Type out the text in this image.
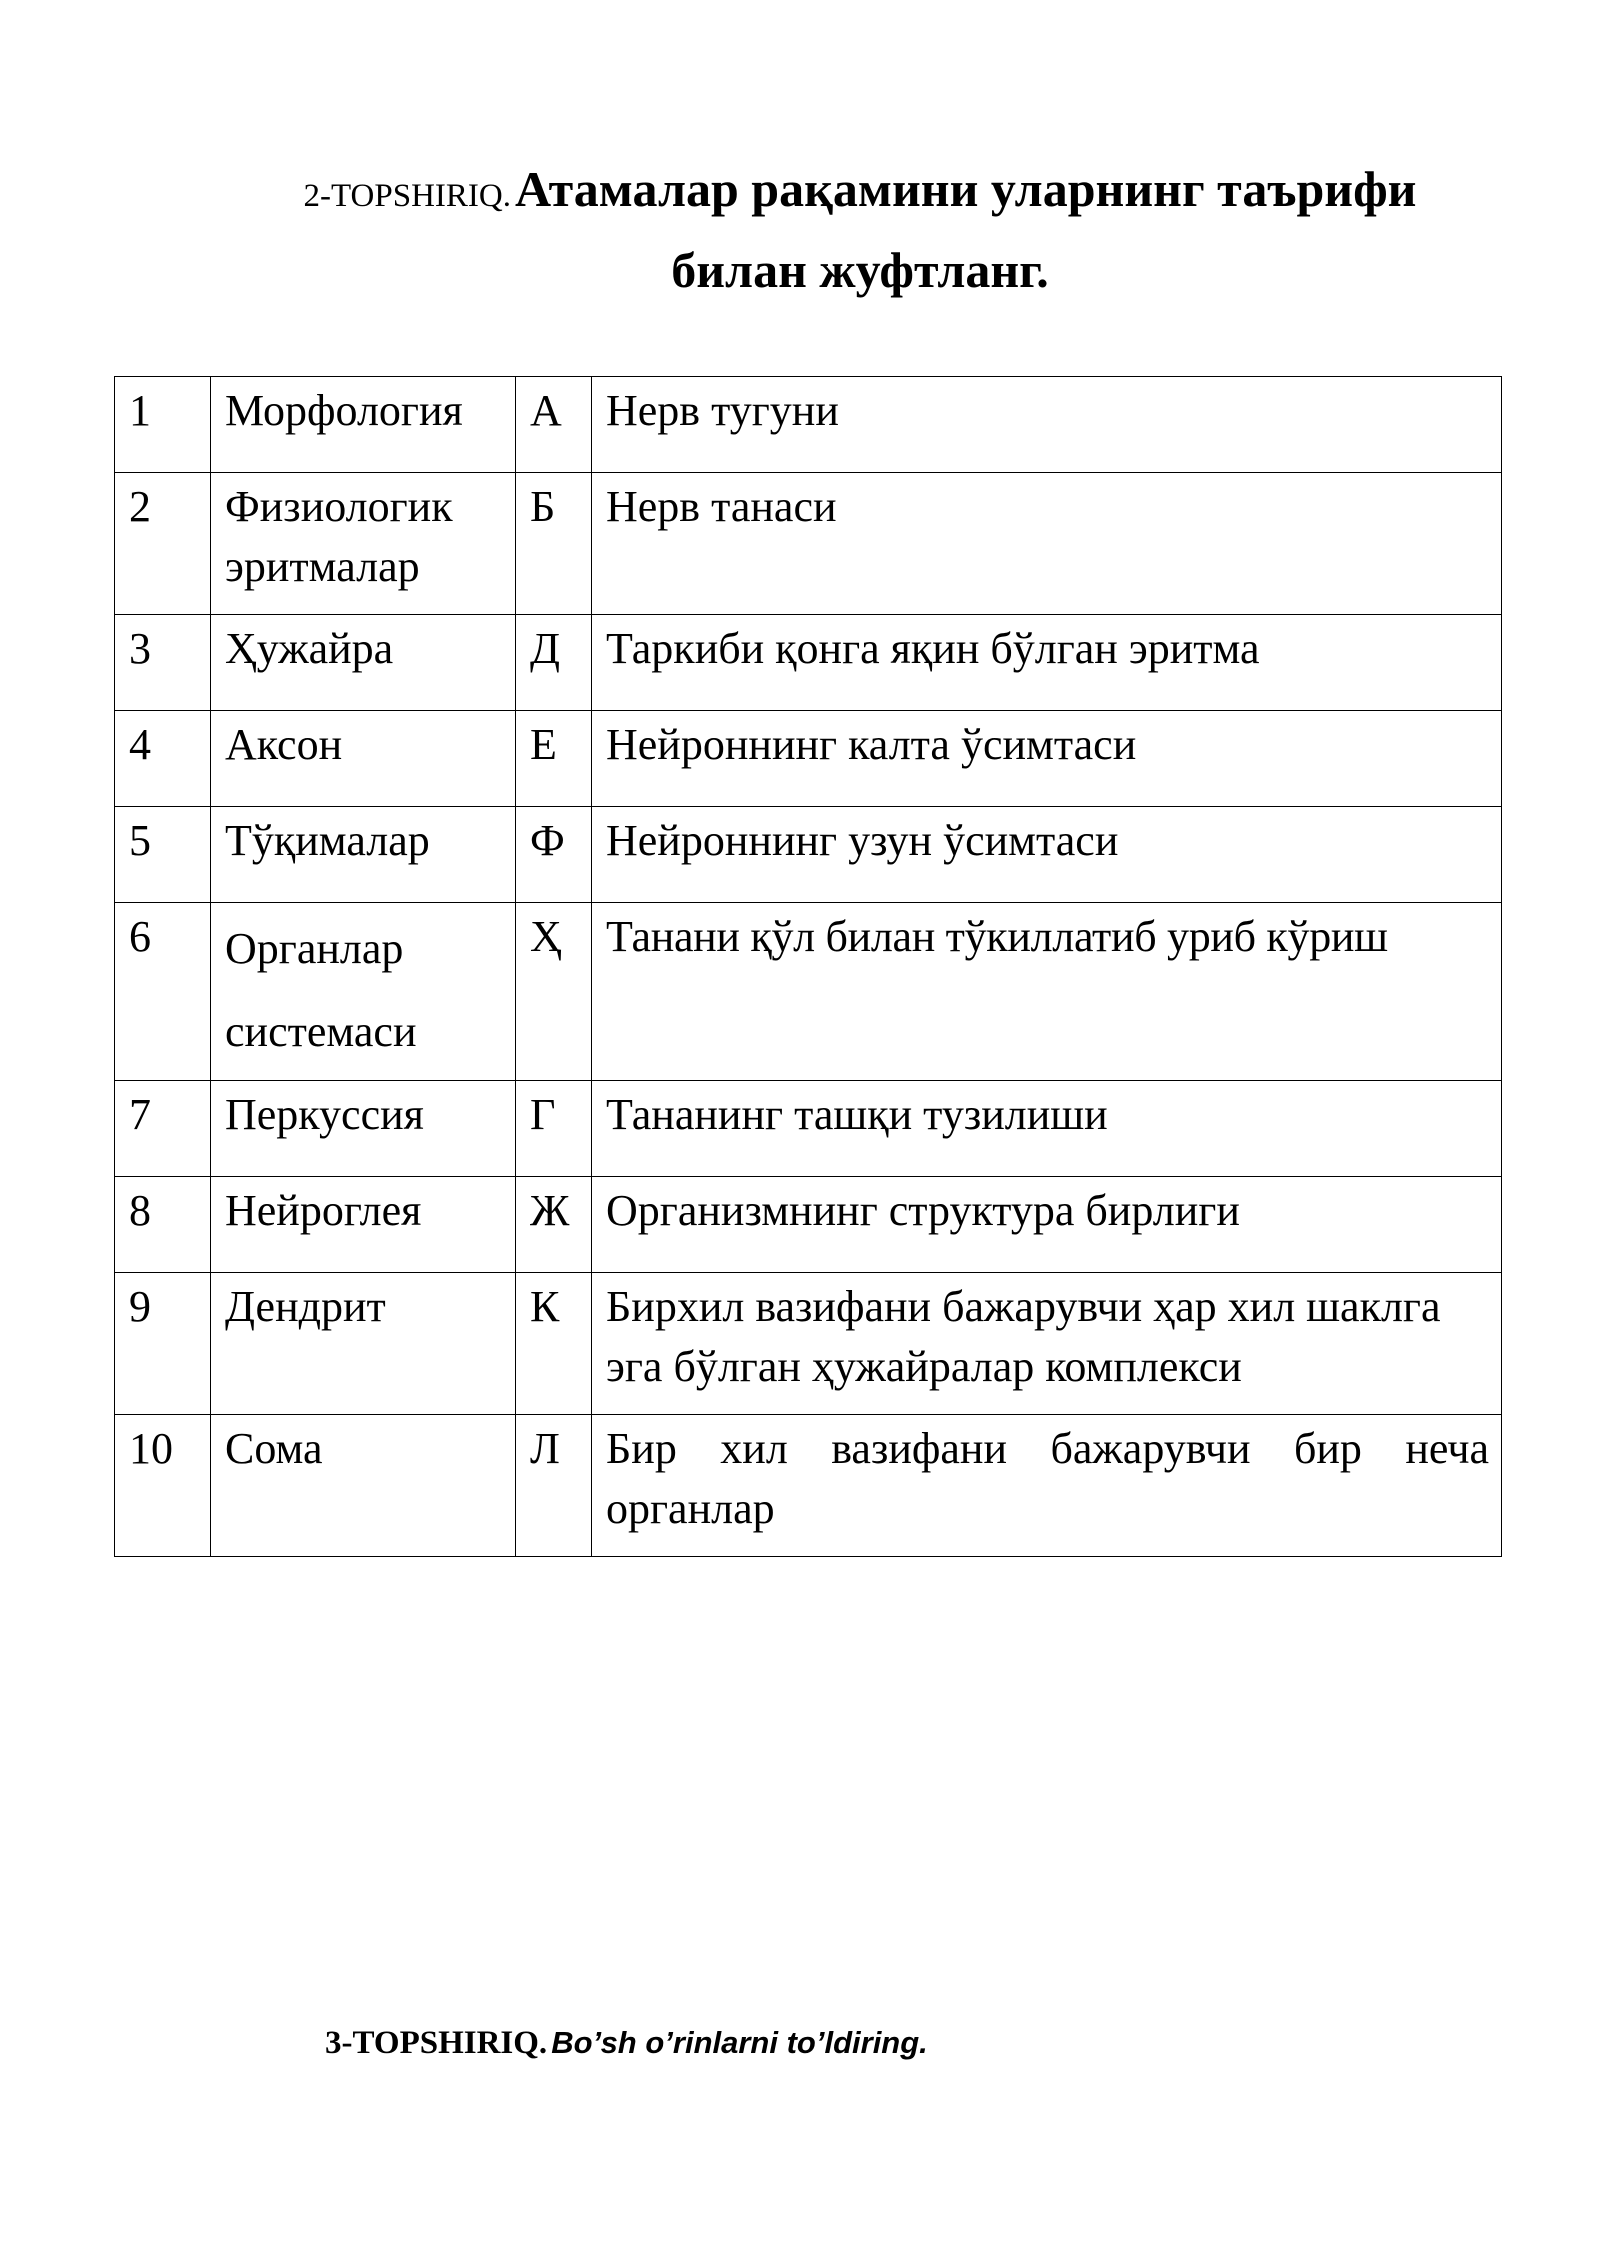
2-TOPSHIRIQ. Атамалар рақамини уларнинг таърифи билан жуфтланг.
1	Морфология	А	Нерв тугуни
2	Физиологик эритмалар	Б	Нерв танаси
3	Ҳужайра	Д	Таркиби қонга яқин бўлган эритма
4	Аксон	Е	Нейроннинг калта ўсимтаси
5	Тўқималар	Ф	Нейроннинг узун ўсимтаси
6	Органлар системаси	Ҳ	Танани қўл билан тўкиллатиб уриб кўриш
7	Перкуссия	Г	Тананинг ташқи тузилиши
8	Нейроглея	Ж	Организмнинг структура бирлиги
9	Дендрит	К	Бирхил вазифани бажарувчи ҳар хил шаклга эга бўлган ҳужайралар комплекси
10	Сома	Л	Бир хил вазифани бажарувчи бир неча органлар
3-TOPSHIRIQ. Bo’sh o’rinlarni to’ldiring.
